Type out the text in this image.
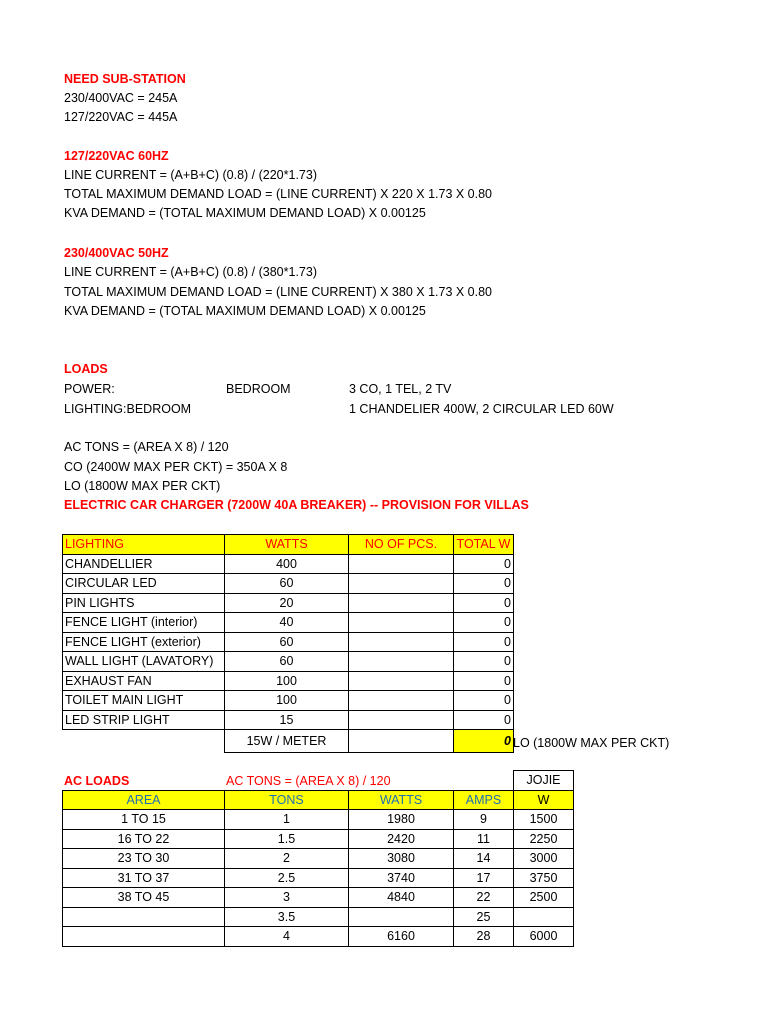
NEED SUB-STATION
230/400VAC = 245A
127/220VAC = 445A
127/220VAC 60HZ
LINE CURRENT = (A+B+C) (0.8) / (220*1.73)
TOTAL MAXIMUM DEMAND LOAD = (LINE CURRENT) X 220 X 1.73 X 0.80
KVA DEMAND = (TOTAL MAXIMUM DEMAND LOAD) X 0.00125
230/400VAC 50HZ
LINE CURRENT = (A+B+C) (0.8) / (380*1.73)
TOTAL MAXIMUM DEMAND LOAD = (LINE CURRENT) X 380 X 1.73 X 0.80
KVA DEMAND = (TOTAL MAXIMUM DEMAND LOAD) X 0.00125
LOADS
POWER:	BEDROOM	3 CO, 1 TEL, 2 TV
LIGHTING:BEDROOM	1 CHANDELIER 400W, 2 CIRCULAR LED 60W
AC TONS = (AREA X 8) / 120
CO (2400W MAX PER CKT) = 350A X 8
LO (1800W MAX PER CKT)
ELECTRIC CAR CHARGER (7200W 40A BREAKER) -- PROVISION FOR VILLAS
LIGHTING	WATTS	NO OF PCS.	TOTAL W
CHANDELLIER	400		0
CIRCULAR LED	60		0
PIN LIGHTS	20		0
FENCE LIGHT (interior)	40		0
FENCE LIGHT (exterior)	60		0
WALL LIGHT (LAVATORY)	60		0
EXHAUST FAN	100		0
TOILET MAIN LIGHT	100		0
LED STRIP LIGHT	15		0
	15W / METER		0 LO (1800W MAX PER CKT)
AC LOADS	AC TONS = (AREA X 8) / 120
					JOJIE
AREA	TONS	WATTS	AMPS	W
1 TO 15	1	1980	9	1500
16 TO 22	1.5	2420	11	2250
23 TO 30	2	3080	14	3000
31 TO 37	2.5	3740	17	3750
38 TO 45	3	4840	22	2500
	3.5		25	
	4	6160	28	6000
